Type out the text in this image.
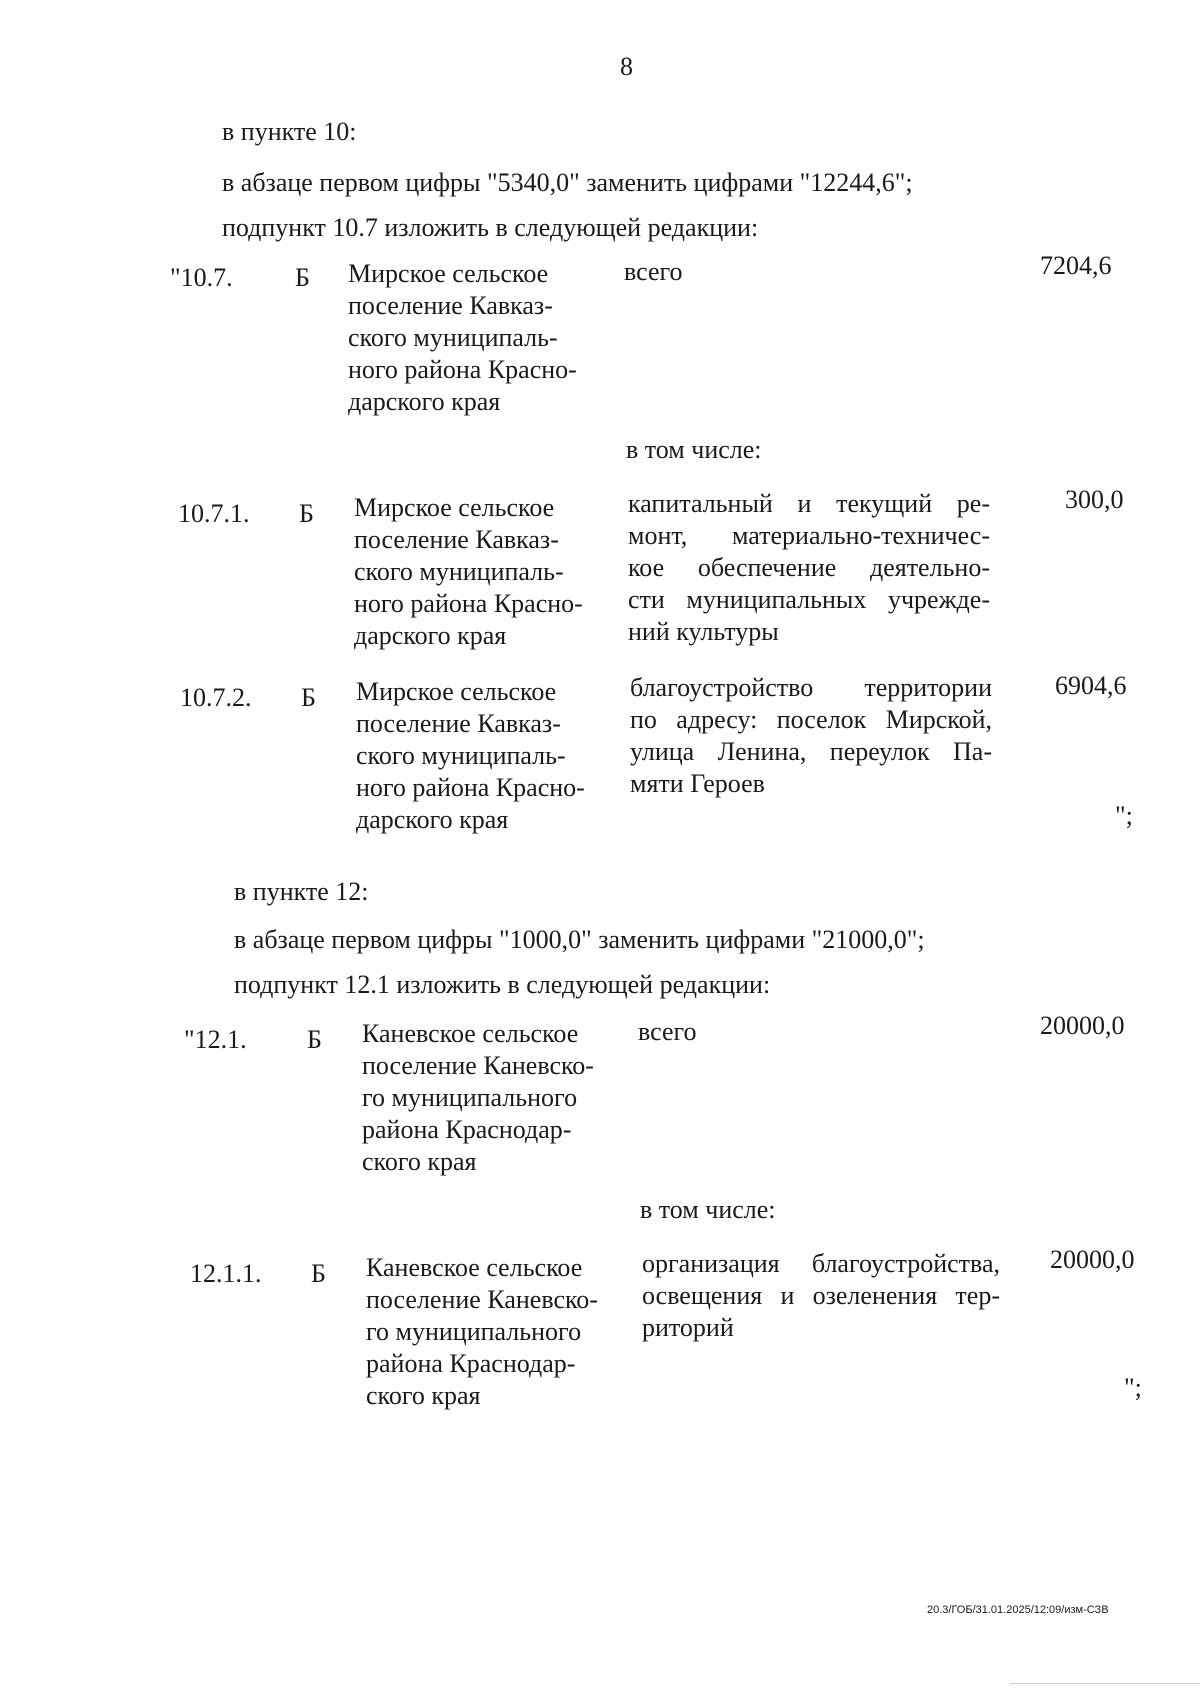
8
в пункте 10:
в абзаце первом цифры "5340,0" заменить цифрами "12244,6";
подпункт 10.7 изложить в следующей редакции:
"10.7. Б Мирское сельское
поселение Кавказ-
ского муниципаль-
ного района Красно-
дарского края
всего	7204,6
в том числе:
10.7.1. Б Мирское сельское
поселение Кавказ-
ского муниципаль-
ного района Красно-
дарского края
капитальный и текущий ре-
монт, материально-техничес-
кое обеспечение деятельно-
сти муниципальных учрежде-
ний культуры
300,0
10.7.2. Б Мирское сельское
поселение Кавказ-
ского муниципаль-
ного района Красно-
дарского края
благоустройство территории
по адресу: поселок Мирской,
улица Ленина, переулок Па-
мяти Героев
6904,6
";
в пункте 12:
в абзаце первом цифры "1000,0" заменить цифрами "21000,0";
подпункт 12.1 изложить в следующей редакции:
"12.1. Б Каневское сельское
поселение Каневско-
го муниципального
района Краснодар-
ского края
всего	20000,0
в том числе:
12.1.1. Б Каневское сельское
поселение Каневско-
го муниципального
района Краснодар-
ского края
организация благоустройства,
освещения и озеленения тер-
риторий
20000,0
";
20.3/ГОБ/31.01.2025/12:09/изм-СЗВ
